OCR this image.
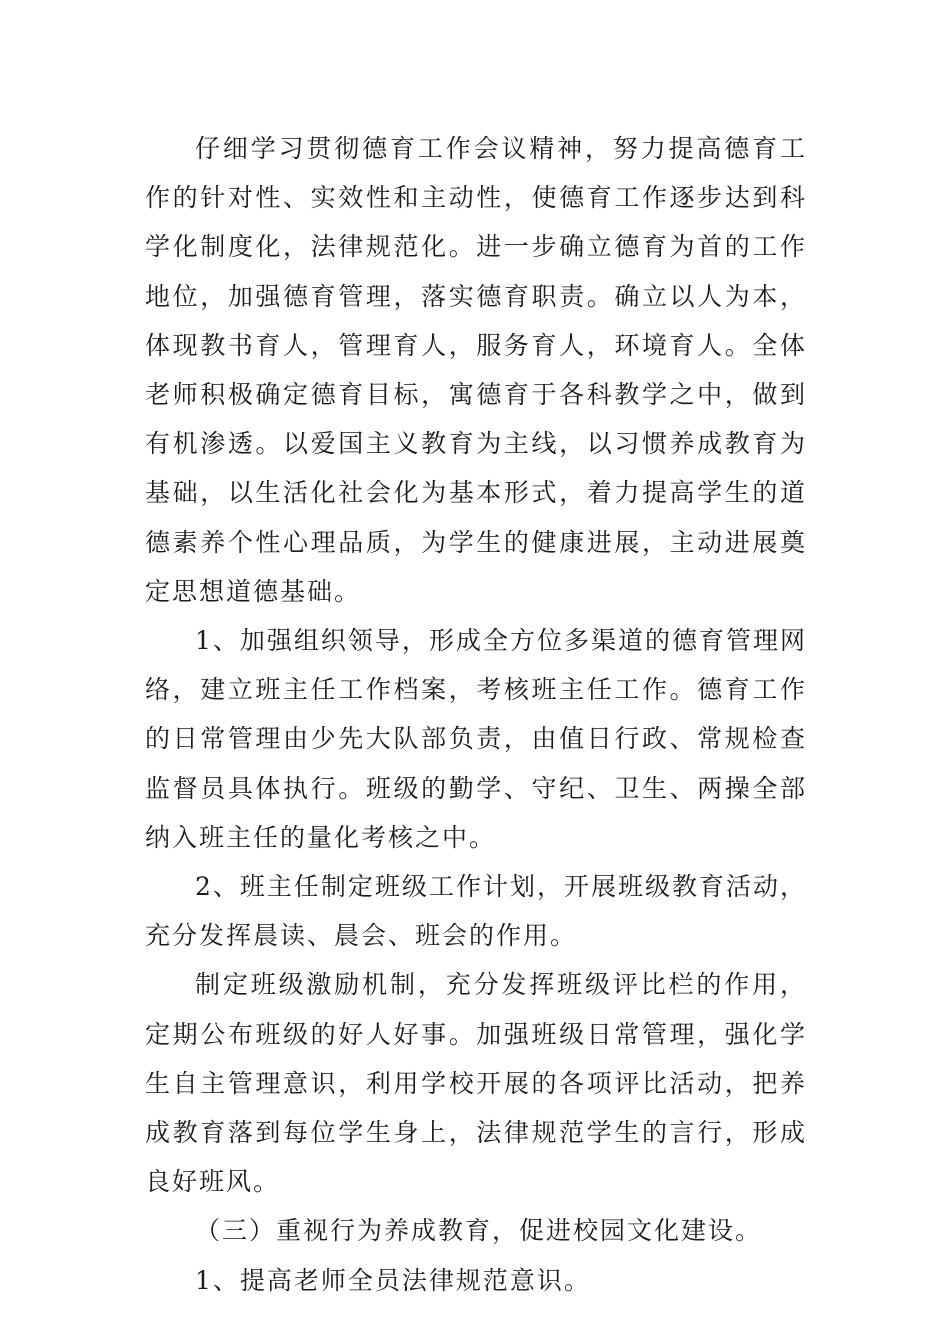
仔细学习贯彻德育工作会议精神，努力提高德育工作的针对性、实效性和主动性，使德育工作逐步达到科学化制度化，法律规范化。进一步确立德育为首的工作地位，加强德育管理，落实德育职责。确立以人为本，体现教书育人，管理育人，服务育人，环境育人。全体老师积极确定德育目标，寓德育于各科教学之中，做到有机渗透。以爱国主义教育为主线，以习惯养成教育为基础，以生活化社会化为基本形式，着力提高学生的道德素养个性心理品质，为学生的健康进展，主动进展奠定思想道德基础。

1、加强组织领导，形成全方位多渠道的德育管理网络，建立班主任工作档案，考核班主任工作。德育工作的日常管理由少先大队部负责，由值日行政、常规检查监督员具体执行。班级的勤学、守纪、卫生、两操全部纳入班主任的量化考核之中。

2、班主任制定班级工作计划，开展班级教育活动，充分发挥晨读、晨会、班会的作用。

制定班级激励机制，充分发挥班级评比栏的作用，定期公布班级的好人好事。加强班级日常管理，强化学生自主管理意识，利用学校开展的各项评比活动，把养成教育落到每位学生身上，法律规范学生的言行，形成良好班风。

（三）重视行为养成教育，促进校园文化建设。

1、提高老师全员法律规范意识。
